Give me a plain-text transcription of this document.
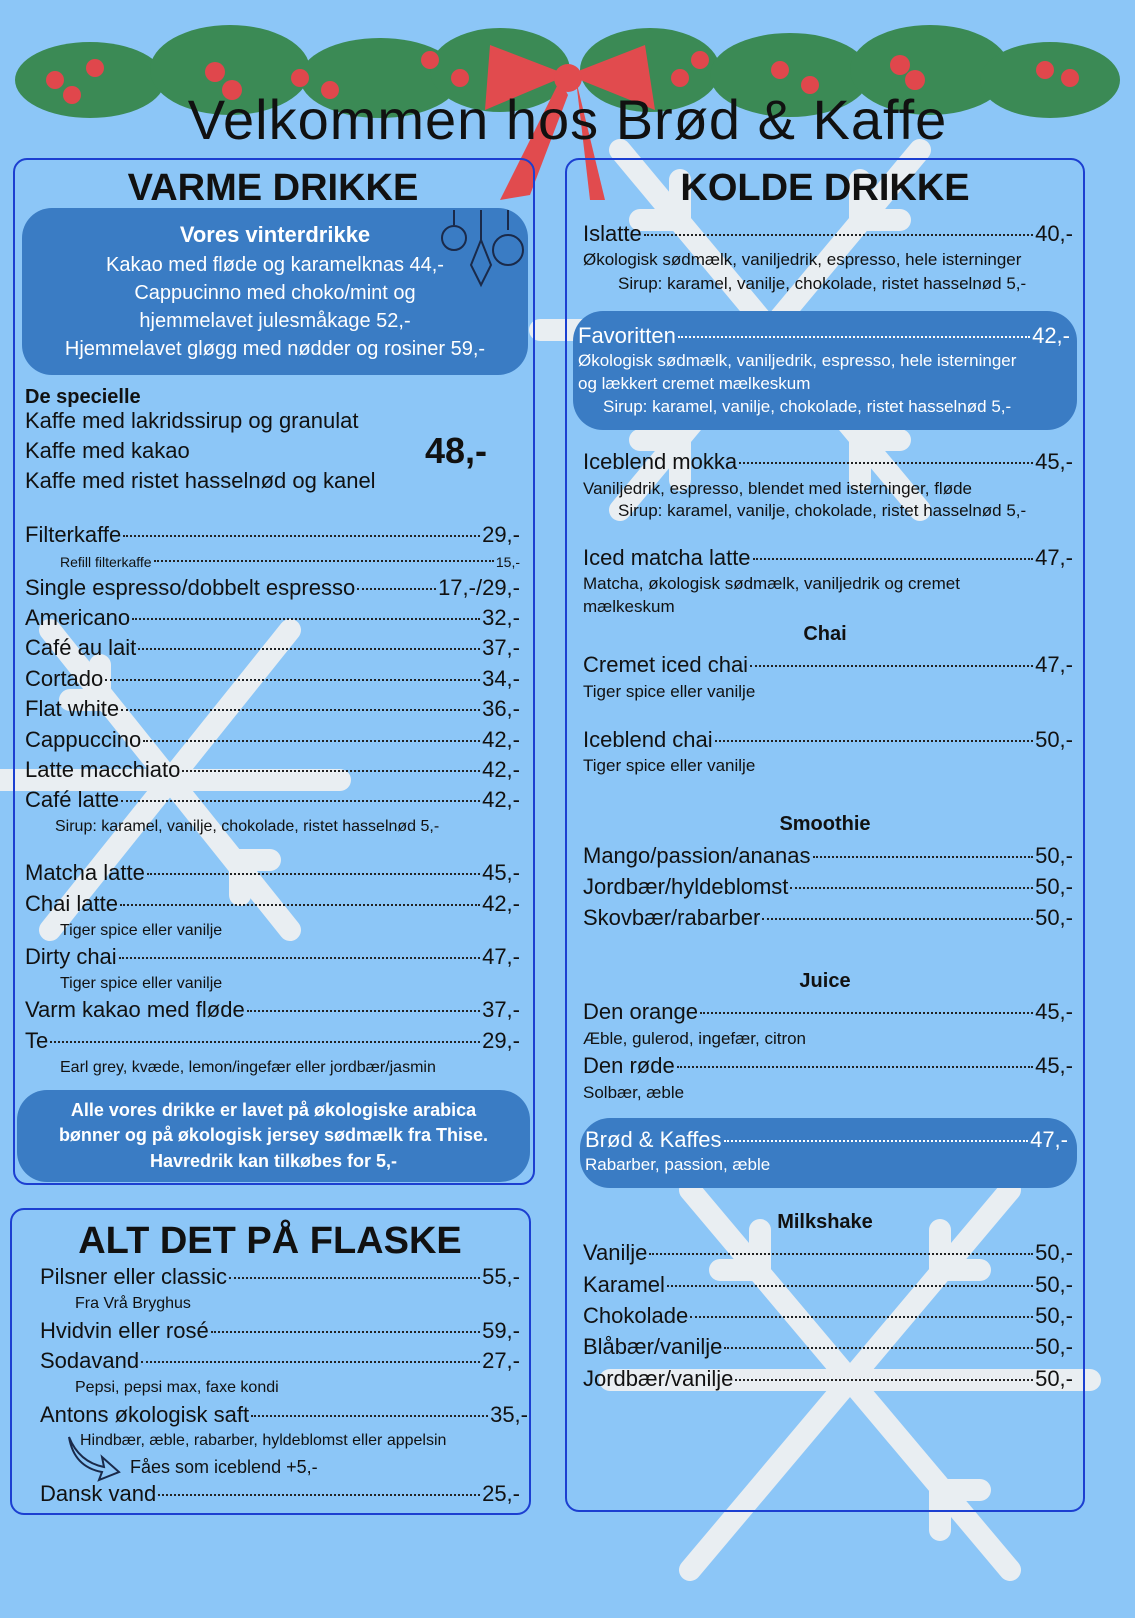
Velkommen hos Brød & Kaffe
VARME DRIKKE	KOLDE DRIKKE
ALT DET PÅ FLASKE
Vores vinterdrikke
Kakao med fløde og karamelknas 44,-
Cappucinno med choko/mint og
hjemmelavet julesmåkage 52,-
Hjemmelavet gløgg med nødder og rosiner 59,-
De specielle
Kaffe med lakridssirup og granulat
Kaffe med kakao
Kaffe med ristet hasselnød og kanel
48,-
Filterkaffe	29,-
Single espresso/dobbelt espresso	17,-/29,-
Americano	32,-
Café au lait	37,-
Cortado	34,-
Flat white	36,-
Cappuccino	42,-
Latte macchiato	42,-
Café latte	42,-
Matcha latte	45,-
Chai latte	42,-
Dirty chai	47,-
Varm kakao med fløde	37,-
Te	29,-
Refill filterkaffe	15,-
Sirup: karamel, vanilje, chokolade, ristet hasselnød 5,-
Tiger spice eller vanilje
Tiger spice eller vanilje
Earl grey, kvæde, lemon/ingefær eller jordbær/jasmin
Alle vores drikke er lavet på økologiske arabica
bønner og på økologisk jersey sødmælk fra Thise.
Havredrik kan tilkøbes for 5,-
Pilsner eller classic	55,-
Fra Vrå Bryghus
Hvidvin eller rosé	59,-
Sodavand	27,-
Pepsi, pepsi max, faxe kondi
Antons økologisk saft	35,-
Hindbær, æble, rabarber, hyldeblomst eller appelsin
Fåes som iceblend +5,-
Dansk vand	25,-
Islatte	40,-
Økologisk sødmælk, vaniljedrik, espresso, hele isterninger
Sirup: karamel, vanilje, chokolade, ristet hasselnød 5,-
Favoritten	42,-
Økologisk sødmælk, vaniljedrik, espresso, hele isterninger
og lækkert cremet mælkeskum
Sirup: karamel, vanilje, chokolade, ristet hasselnød 5,-
Iceblend mokka	45,-
Vaniljedrik, espresso, blendet med isterninger, fløde
Sirup: karamel, vanilje, chokolade, ristet hasselnød 5,-
Iced matcha latte	47,-
Matcha, økologisk sødmælk, vaniljedrik og cremet
mælkeskum
Chai
Cremet iced chai	47,-
Tiger spice eller vanilje
Iceblend chai	50,-
Tiger spice eller vanilje
Smoothie
Mango/passion/ananas	50,-
Jordbær/hyldeblomst	50,-
Skovbær/rabarber	50,-
Juice
Den orange	45,-
Æble, gulerod, ingefær, citron
Den røde	45,-
Solbær, æble
Brød & Kaffes	47,-
Rabarber, passion, æble
Milkshake
Vanilje	50,-
Karamel	50,-
Chokolade	50,-
Blåbær/vanilje	50,-
Jordbær/vanilje	50,-
